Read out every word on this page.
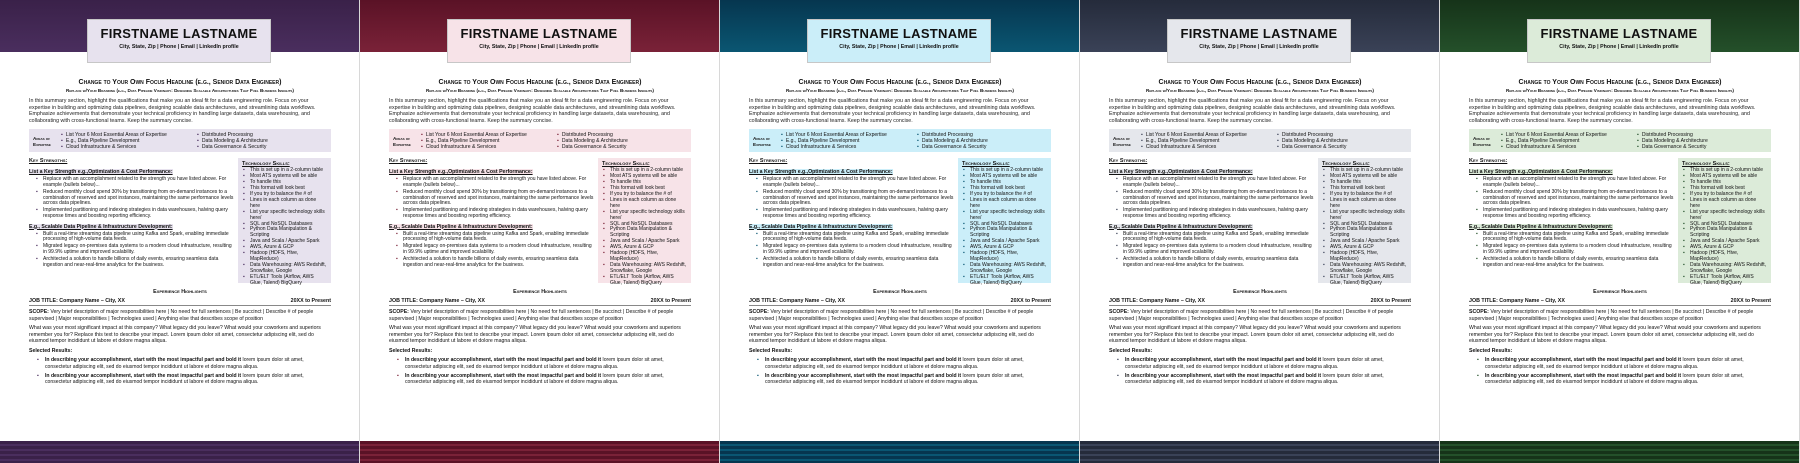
FIRSTNAME LASTNAME
City, State, Zip | Phone | Email | LinkedIn profile
Change to Your Own Focus Headline (e.g., Senior Data Engineer)
Replace w/Your Branding (e.g., Data Pipeline Visionary: Designing Scalable Architectures That Fuel Business Insights)
In this summary section, highlight the qualifications that make you an ideal fit for a data engineering role. Focus on your expertise in building and optimizing data pipelines, designing scalable data architectures, and streamlining data workflows. Emphasize achievements that demonstrate your technical proficiency in handling large datasets, data warehousing, and collaborating with cross-functional teams. Keep the summary concise.
Areas of Expertise
▪ List Your 6 Most Essential Areas of Expertise	▪ Distributed Processing
▪ E.g., Data Pipeline Development	▪ Data Modeling & Architecture
▪ Cloud Infrastructure & Services	▪ Data Governance & Security
Key Strengths:
List a Key Strength e.g.,Optimization & Cost Performance:
▪ Replace with an accomplishment related to the strength you have listed above. For example (bullets below)...
▪ Reduced monthly cloud spend 30% by transitioning from on-demand instances to a combination of reserved and spot instances, maintaining the same performance levels across data pipelines.
▪ Implemented partitioning and indexing strategies in data warehouses, halving query response times and boosting reporting efficiency.
E.g., Scalable Data Pipeline & Infrastructure Development:
▪ Built a real-time streaming data pipeline using Kafka and Spark, enabling immediate processing of high-volume data feeds.
▪ Migrated legacy on-premises data systems to a modern cloud infrastructure, resulting in 99.9% uptime and improved scalability.
▪ Architected a solution to handle billions of daily events, ensuring seamless data ingestion and near-real-time analytics for the business.
Technology Skills:
▪ This is set up in a 2-column table
▪ Most ATS systems will be able
▪ To handle this
▪ This format will look best
▪ If you try to balance the # of
▪ Lines in each column as done here
▪ List your specific technology skills here/
▪ SQL and NoSQL Databases
▪ Python Data Manipulation & Scripting
▪ Java and Scala / Apache Spark
▪ AWS, Azure & GCP
▪ Hadoop (HDFS, Hive, MapReduce)
▪ Data Warehousing: AWS Redshift, Snowflake, Google
▪ ETL/ELT Tools (Airflow, AWS Glue, Talend) BigQuery
Experience Highlights
JOB TITLE: Company Name – City, XX	20XX to Present
SCOPE: Very brief description of major responsibilities here | No need for full sentences | Be succinct | Describe # of people supervised | Major responsibilities | Technologies used | Anything else that describes scope of position
What was your most significant impact at this company? What legacy did you leave? What would your coworkers and superiors remember you for? Replace this text to describe your impact. Lorem ipsum dolor sit amet, consectetur adipiscing elit, sed do eiusmod tempor incididunt ut labore et dolore magna aliqua.
Selected Results:
▪ In describing your accomplishment, start with the most impactful part and bold it lorem ipsum dolor sit amet, consectetur adipiscing elit, sed do eiusmod tempor incididunt ut labore et dolore magna aliqua.
▪ In describing your accomplishment, start with the most impactful part and bold it lorem ipsum dolor sit amet, consectetur adipiscing elit, sed do eiusmod tempor incididunt ut labore et dolore magna aliqua.
FIRSTNAME LASTNAME
City, State, Zip | Phone | Email | LinkedIn profile
Change to Your Own Focus Headline (e.g., Senior Data Engineer)
Replace w/Your Branding (e.g., Data Pipeline Visionary: Designing Scalable Architectures That Fuel Business Insights)
In this summary section, highlight the qualifications that make you an ideal fit for a data engineering role. Focus on your expertise in building and optimizing data pipelines, designing scalable data architectures, and streamlining data workflows. Emphasize achievements that demonstrate your technical proficiency in handling large datasets, data warehousing, and collaborating with cross-functional teams. Keep the summary concise.
Areas of Expertise
▪ List Your 6 Most Essential Areas of Expertise	▪ Distributed Processing
▪ E.g., Data Pipeline Development	▪ Data Modeling & Architecture
▪ Cloud Infrastructure & Services	▪ Data Governance & Security
Key Strengths:
List a Key Strength e.g.,Optimization & Cost Performance:
▪ Replace with an accomplishment related to the strength you have listed above. For example (bullets below)...
▪ Reduced monthly cloud spend 30% by transitioning from on-demand instances to a combination of reserved and spot instances, maintaining the same performance levels across data pipelines.
▪ Implemented partitioning and indexing strategies in data warehouses, halving query response times and boosting reporting efficiency.
E.g., Scalable Data Pipeline & Infrastructure Development:
▪ Built a real-time streaming data pipeline using Kafka and Spark, enabling immediate processing of high-volume data feeds.
▪ Migrated legacy on-premises data systems to a modern cloud infrastructure, resulting in 99.9% uptime and improved scalability.
▪ Architected a solution to handle billions of daily events, ensuring seamless data ingestion and near-real-time analytics for the business.
Technology Skills:
▪ This is set up in a 2-column table
▪ Most ATS systems will be able
▪ To handle this
▪ This format will look best
▪ If you try to balance the # of
▪ Lines in each column as done here
▪ List your specific technology skills here/
▪ SQL and NoSQL Databases
▪ Python Data Manipulation & Scripting
▪ Java and Scala / Apache Spark
▪ AWS, Azure & GCP
▪ Hadoop (HDFS, Hive, MapReduce)
▪ Data Warehousing: AWS Redshift, Snowflake, Google
▪ ETL/ELT Tools (Airflow, AWS Glue, Talend) BigQuery
Experience Highlights
JOB TITLE: Company Name – City, XX	20XX to Present
SCOPE: Very brief description of major responsibilities here | No need for full sentences | Be succinct | Describe # of people supervised | Major responsibilities | Technologies used | Anything else that describes scope of position
What was your most significant impact at this company? What legacy did you leave? What would your coworkers and superiors remember you for? Replace this text to describe your impact. Lorem ipsum dolor sit amet, consectetur adipiscing elit, sed do eiusmod tempor incididunt ut labore et dolore magna aliqua.
Selected Results:
▪ In describing your accomplishment, start with the most impactful part and bold it lorem ipsum dolor sit amet, consectetur adipiscing elit, sed do eiusmod tempor incididunt ut labore et dolore magna aliqua.
▪ In describing your accomplishment, start with the most impactful part and bold it lorem ipsum dolor sit amet, consectetur adipiscing elit, sed do eiusmod tempor incididunt ut labore et dolore magna aliqua.
FIRSTNAME LASTNAME
City, State, Zip | Phone | Email | LinkedIn profile
Change to Your Own Focus Headline (e.g., Senior Data Engineer)
Replace w/Your Branding (e.g., Data Pipeline Visionary: Designing Scalable Architectures That Fuel Business Insights)
In this summary section, highlight the qualifications that make you an ideal fit for a data engineering role. Focus on your expertise in building and optimizing data pipelines, designing scalable data architectures, and streamlining data workflows. Emphasize achievements that demonstrate your technical proficiency in handling large datasets, data warehousing, and collaborating with cross-functional teams. Keep the summary concise.
Areas of Expertise
▪ List Your 6 Most Essential Areas of Expertise	▪ Distributed Processing
▪ E.g., Data Pipeline Development	▪ Data Modeling & Architecture
▪ Cloud Infrastructure & Services	▪ Data Governance & Security
Key Strengths:
List a Key Strength e.g.,Optimization & Cost Performance:
▪ Replace with an accomplishment related to the strength you have listed above. For example (bullets below)...
▪ Reduced monthly cloud spend 30% by transitioning from on-demand instances to a combination of reserved and spot instances, maintaining the same performance levels across data pipelines.
▪ Implemented partitioning and indexing strategies in data warehouses, halving query response times and boosting reporting efficiency.
E.g., Scalable Data Pipeline & Infrastructure Development:
▪ Built a real-time streaming data pipeline using Kafka and Spark, enabling immediate processing of high-volume data feeds.
▪ Migrated legacy on-premises data systems to a modern cloud infrastructure, resulting in 99.9% uptime and improved scalability.
▪ Architected a solution to handle billions of daily events, ensuring seamless data ingestion and near-real-time analytics for the business.
Technology Skills:
▪ This is set up in a 2-column table
▪ Most ATS systems will be able
▪ To handle this
▪ This format will look best
▪ If you try to balance the # of
▪ Lines in each column as done here
▪ List your specific technology skills here/
▪ SQL and NoSQL Databases
▪ Python Data Manipulation & Scripting
▪ Java and Scala / Apache Spark
▪ AWS, Azure & GCP
▪ Hadoop (HDFS, Hive, MapReduce)
▪ Data Warehousing: AWS Redshift, Snowflake, Google
▪ ETL/ELT Tools (Airflow, AWS Glue, Talend) BigQuery
Experience Highlights
JOB TITLE: Company Name – City, XX	20XX to Present
SCOPE: Very brief description of major responsibilities here | No need for full sentences | Be succinct | Describe # of people supervised | Major responsibilities | Technologies used | Anything else that describes scope of position
What was your most significant impact at this company? What legacy did you leave? What would your coworkers and superiors remember you for? Replace this text to describe your impact. Lorem ipsum dolor sit amet, consectetur adipiscing elit, sed do eiusmod tempor incididunt ut labore et dolore magna aliqua.
Selected Results:
▪ In describing your accomplishment, start with the most impactful part and bold it lorem ipsum dolor sit amet, consectetur adipiscing elit, sed do eiusmod tempor incididunt ut labore et dolore magna aliqua.
▪ In describing your accomplishment, start with the most impactful part and bold it lorem ipsum dolor sit amet, consectetur adipiscing elit, sed do eiusmod tempor incididunt ut labore et dolore magna aliqua.
FIRSTNAME LASTNAME
City, State, Zip | Phone | Email | LinkedIn profile
Change to Your Own Focus Headline (e.g., Senior Data Engineer)
Replace w/Your Branding (e.g., Data Pipeline Visionary: Designing Scalable Architectures That Fuel Business Insights)
In this summary section, highlight the qualifications that make you an ideal fit for a data engineering role. Focus on your expertise in building and optimizing data pipelines, designing scalable data architectures, and streamlining data workflows. Emphasize achievements that demonstrate your technical proficiency in handling large datasets, data warehousing, and collaborating with cross-functional teams. Keep the summary concise.
Areas of Expertise
▪ List Your 6 Most Essential Areas of Expertise	▪ Distributed Processing
▪ E.g., Data Pipeline Development	▪ Data Modeling & Architecture
▪ Cloud Infrastructure & Services	▪ Data Governance & Security
Key Strengths:
List a Key Strength e.g.,Optimization & Cost Performance:
▪ Replace with an accomplishment related to the strength you have listed above. For example (bullets below)...
▪ Reduced monthly cloud spend 30% by transitioning from on-demand instances to a combination of reserved and spot instances, maintaining the same performance levels across data pipelines.
▪ Implemented partitioning and indexing strategies in data warehouses, halving query response times and boosting reporting efficiency.
E.g., Scalable Data Pipeline & Infrastructure Development:
▪ Built a real-time streaming data pipeline using Kafka and Spark, enabling immediate processing of high-volume data feeds.
▪ Migrated legacy on-premises data systems to a modern cloud infrastructure, resulting in 99.9% uptime and improved scalability.
▪ Architected a solution to handle billions of daily events, ensuring seamless data ingestion and near-real-time analytics for the business.
Technology Skills:
▪ This is set up in a 2-column table
▪ Most ATS systems will be able
▪ To handle this
▪ This format will look best
▪ If you try to balance the # of
▪ Lines in each column as done here
▪ List your specific technology skills here/
▪ SQL and NoSQL Databases
▪ Python Data Manipulation & Scripting
▪ Java and Scala / Apache Spark
▪ AWS, Azure & GCP
▪ Hadoop (HDFS, Hive, MapReduce)
▪ Data Warehousing: AWS Redshift, Snowflake, Google
▪ ETL/ELT Tools (Airflow, AWS Glue, Talend) BigQuery
Experience Highlights
JOB TITLE: Company Name – City, XX	20XX to Present
SCOPE: Very brief description of major responsibilities here | No need for full sentences | Be succinct | Describe # of people supervised | Major responsibilities | Technologies used | Anything else that describes scope of position
What was your most significant impact at this company? What legacy did you leave? What would your coworkers and superiors remember you for? Replace this text to describe your impact. Lorem ipsum dolor sit amet, consectetur adipiscing elit, sed do eiusmod tempor incididunt ut labore et dolore magna aliqua.
Selected Results:
▪ In describing your accomplishment, start with the most impactful part and bold it lorem ipsum dolor sit amet, consectetur adipiscing elit, sed do eiusmod tempor incididunt ut labore et dolore magna aliqua.
▪ In describing your accomplishment, start with the most impactful part and bold it lorem ipsum dolor sit amet, consectetur adipiscing elit, sed do eiusmod tempor incididunt ut labore et dolore magna aliqua.
FIRSTNAME LASTNAME
City, State, Zip | Phone | Email | LinkedIn profile
Change to Your Own Focus Headline (e.g., Senior Data Engineer)
Replace w/Your Branding (e.g., Data Pipeline Visionary: Designing Scalable Architectures That Fuel Business Insights)
In this summary section, highlight the qualifications that make you an ideal fit for a data engineering role. Focus on your expertise in building and optimizing data pipelines, designing scalable data architectures, and streamlining data workflows. Emphasize achievements that demonstrate your technical proficiency in handling large datasets, data warehousing, and collaborating with cross-functional teams. Keep the summary concise.
Areas of Expertise
▪ List Your 6 Most Essential Areas of Expertise	▪ Distributed Processing
▪ E.g., Data Pipeline Development	▪ Data Modeling & Architecture
▪ Cloud Infrastructure & Services	▪ Data Governance & Security
Key Strengths:
List a Key Strength e.g.,Optimization & Cost Performance:
▪ Replace with an accomplishment related to the strength you have listed above. For example (bullets below)...
▪ Reduced monthly cloud spend 30% by transitioning from on-demand instances to a combination of reserved and spot instances, maintaining the same performance levels across data pipelines.
▪ Implemented partitioning and indexing strategies in data warehouses, halving query response times and boosting reporting efficiency.
E.g., Scalable Data Pipeline & Infrastructure Development:
▪ Built a real-time streaming data pipeline using Kafka and Spark, enabling immediate processing of high-volume data feeds.
▪ Migrated legacy on-premises data systems to a modern cloud infrastructure, resulting in 99.9% uptime and improved scalability.
▪ Architected a solution to handle billions of daily events, ensuring seamless data ingestion and near-real-time analytics for the business.
Technology Skills:
▪ This is set up in a 2-column table
▪ Most ATS systems will be able
▪ To handle this
▪ This format will look best
▪ If you try to balance the # of
▪ Lines in each column as done here
▪ List your specific technology skills here/
▪ SQL and NoSQL Databases
▪ Python Data Manipulation & Scripting
▪ Java and Scala / Apache Spark
▪ AWS, Azure & GCP
▪ Hadoop (HDFS, Hive, MapReduce)
▪ Data Warehousing: AWS Redshift, Snowflake, Google
▪ ETL/ELT Tools (Airflow, AWS Glue, Talend) BigQuery
Experience Highlights
JOB TITLE: Company Name – City, XX	20XX to Present
SCOPE: Very brief description of major responsibilities here | No need for full sentences | Be succinct | Describe # of people supervised | Major responsibilities | Technologies used | Anything else that describes scope of position
What was your most significant impact at this company? What legacy did you leave? What would your coworkers and superiors remember you for? Replace this text to describe your impact. Lorem ipsum dolor sit amet, consectetur adipiscing elit, sed do eiusmod tempor incididunt ut labore et dolore magna aliqua.
Selected Results:
▪ In describing your accomplishment, start with the most impactful part and bold it lorem ipsum dolor sit amet, consectetur adipiscing elit, sed do eiusmod tempor incididunt ut labore et dolore magna aliqua.
▪ In describing your accomplishment, start with the most impactful part and bold it lorem ipsum dolor sit amet, consectetur adipiscing elit, sed do eiusmod tempor incididunt ut labore et dolore magna aliqua.
